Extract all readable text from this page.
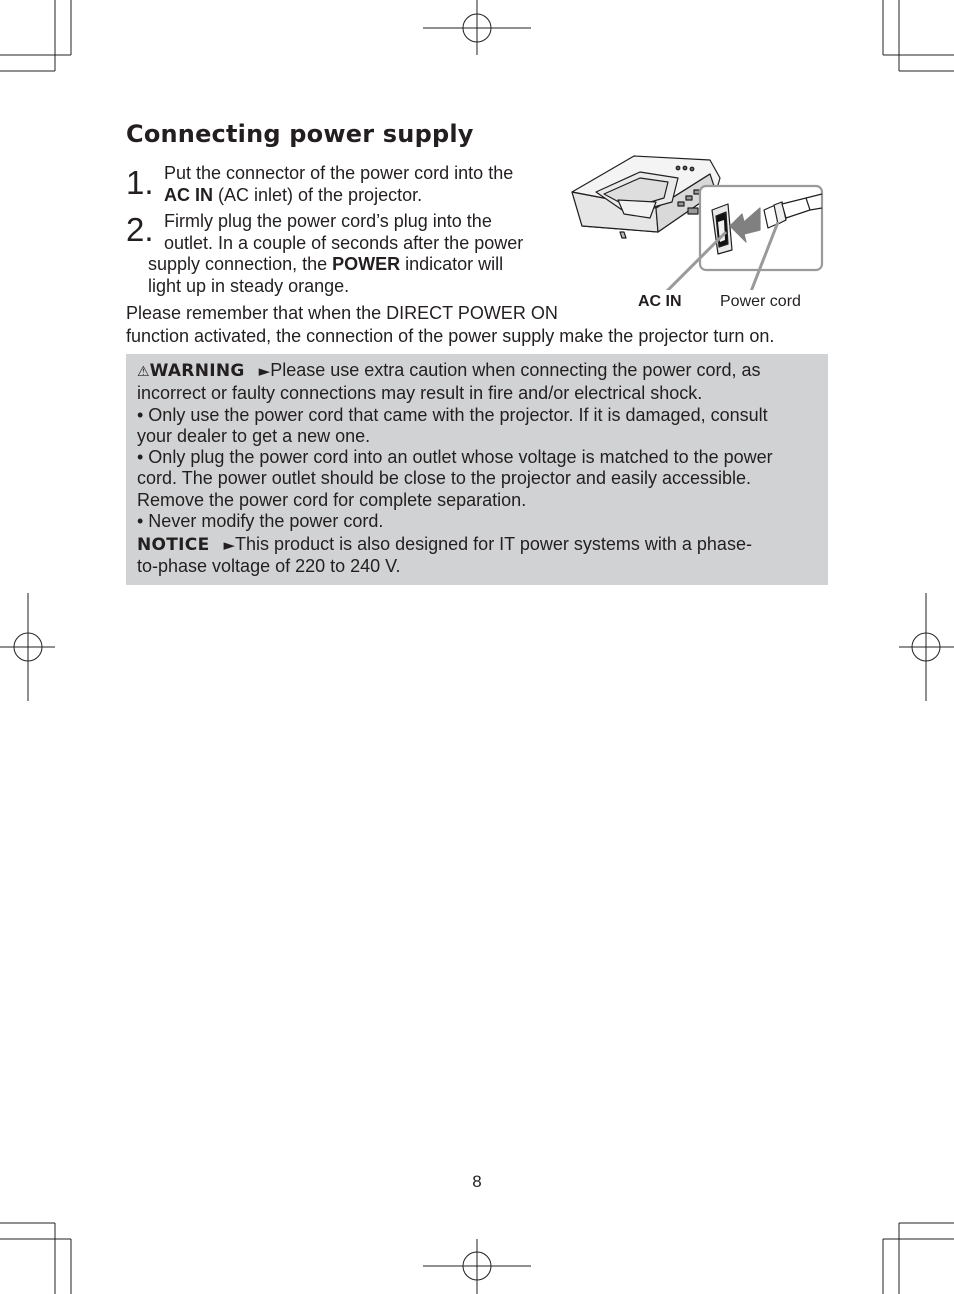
Connecting power supply
1. Put the connector of the power cord into the
AC IN (AC inlet) of the projector.

2. Firmly plug the power cord’s plug into the
outlet. In a couple of seconds after the power
supply connection, the POWER indicator will
light up in steady orange.

Please remember that when the DIRECT POWER ON
function activated, the connection of the power supply make the projector turn on.
AC IN Power cord
⚠WARNING ►Please use extra caution when connecting the power cord, as
incorrect or faulty connections may result in fire and/or electrical shock.
• Only use the power cord that came with the projector. If it is damaged, consult
your dealer to get a new one.
• Only plug the power cord into an outlet whose voltage is matched to the power
cord. The power outlet should be close to the projector and easily accessible.
Remove the power cord for complete separation.
• Never modify the power cord.
NOTICE ►This product is also designed for IT power systems with a phase-
to-phase voltage of 220 to 240 V.
8
